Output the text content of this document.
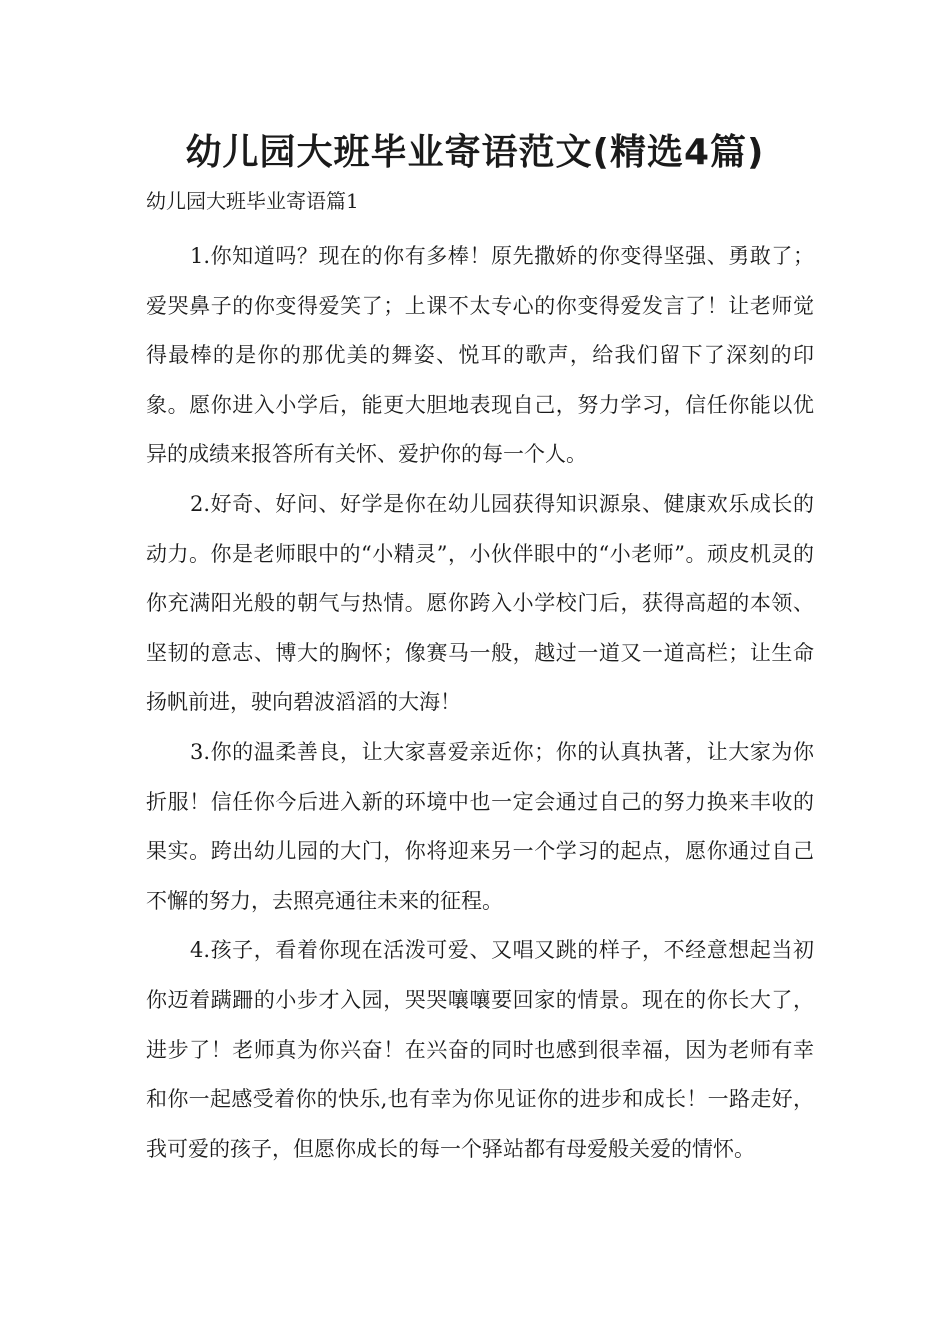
幼儿园大班毕业寄语范文(精选4篇)
幼儿园大班毕业寄语篇1

1.你知道吗？现在的你有多棒！原先撒娇的你变得坚强、勇敢了；爱哭鼻子的你变得爱笑了；上课不太专心的你变得爱发言了！让老师觉得最棒的是你的那优美的舞姿、悦耳的歌声，给我们留下了深刻的印象。愿你进入小学后，能更大胆地表现自己，努力学习，信任你能以优异的成绩来报答所有关怀、爱护你的每一个人。

2.好奇、好问、好学是你在幼儿园获得知识源泉、健康欢乐成长的动力。你是老师眼中的“小精灵”，小伙伴眼中的“小老师”。顽皮机灵的你充满阳光般的朝气与热情。愿你跨入小学校门后，获得高超的本领、坚韧的意志、博大的胸怀；像赛马一般，越过一道又一道高栏；让生命扬帆前进，驶向碧波滔滔的大海！

3.你的温柔善良，让大家喜爱亲近你；你的认真执著，让大家为你折服！信任你今后进入新的环境中也一定会通过自己的努力换来丰收的果实。跨出幼儿园的大门，你将迎来另一个学习的起点，愿你通过自己不懈的努力，去照亮通往未来的征程。

4.孩子，看着你现在活泼可爱、又唱又跳的样子，不经意想起当初你迈着蹒跚的小步才入园，哭哭嚷嚷要回家的情景。现在的你长大了，进步了！老师真为你兴奋！在兴奋的同时也感到很幸福，因为老师有幸和你一起感受着你的快乐,也有幸为你见证你的进步和成长！一路走好，我可爱的孩子，但愿你成长的每一个驿站都有母爱般关爱的情怀。
